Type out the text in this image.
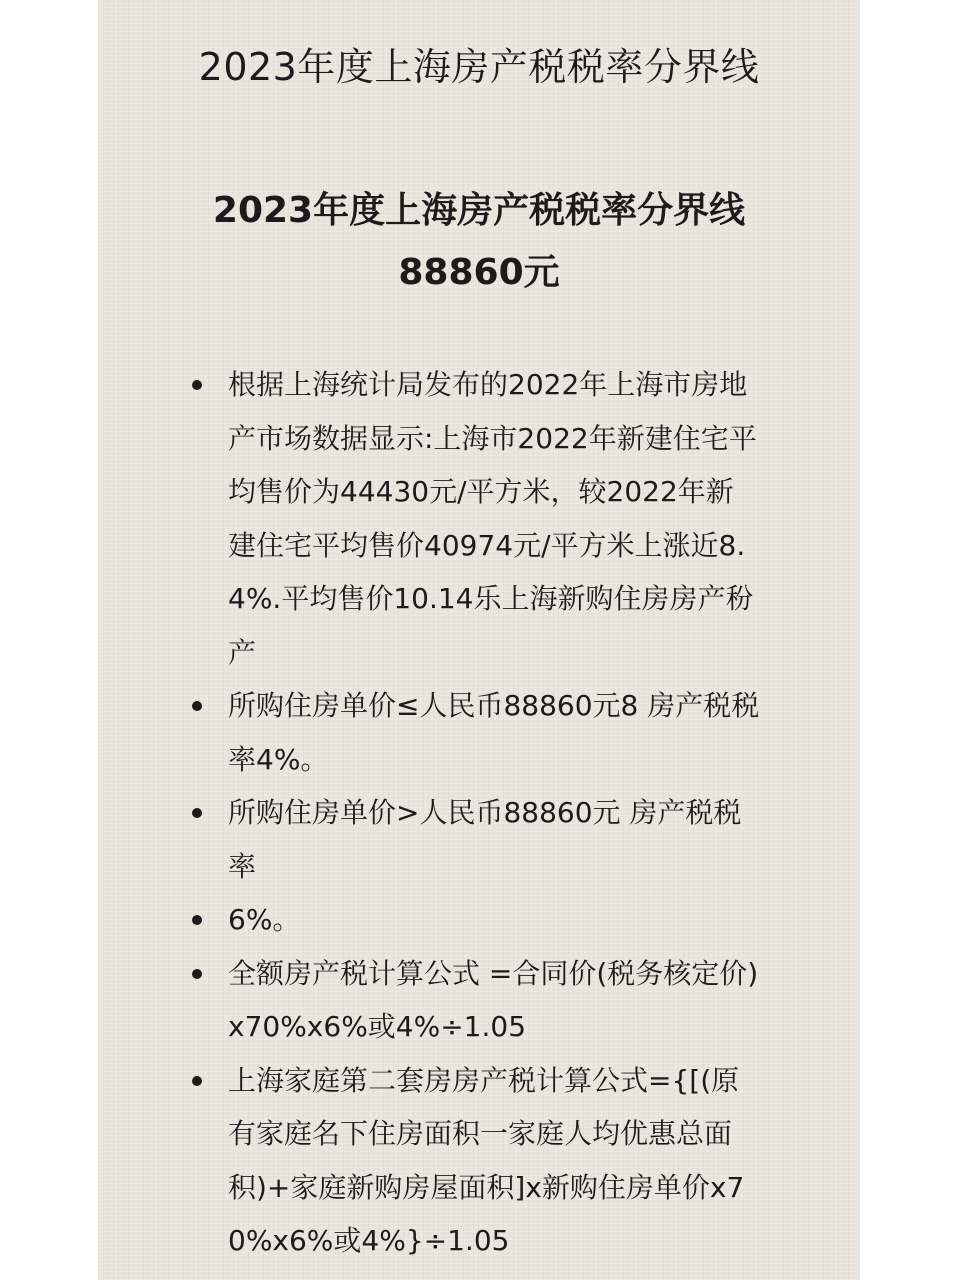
2023年度上海房产税税率分界线
2023年度上海房产税税率分界线
88860元
根据上海统计局发布的2022年上海市房地产市场数据显示:上海市2022年新建住宅平均售价为44430元/平方米，较2022年新建住宅平均售价40974元/平方米上涨近8.4%.平均售价10.14乐上海新购住房房产秎产
所购住房单价≤人民币88860元8 房产税税率4%。
所购住房单价>人民币88860元 房产税税率
6%。
全额房产税计算公式 =合同价(税务核定价)x70%x6%或4%÷1.05
上海家庭第二套房房产税计算公式={[(原有家庭名下住房面积一家庭人均优惠总面积)+家庭新购房屋面积]x新购住房单价x70%x6%或4%}÷1.05
